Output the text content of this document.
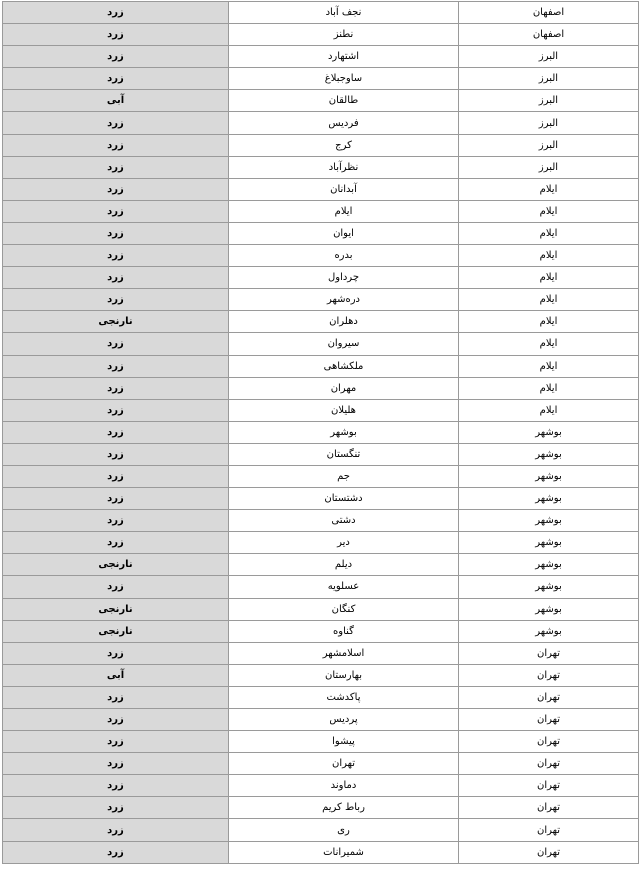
اصفهان	نجف آباد	زرد
اصفهان	نطنز	زرد
البرز	اشتهارد	زرد
البرز	ساوجبلاغ	زرد
البرز	طالقان	آبی
البرز	فردیس	زرد
البرز	کرج	زرد
البرز	نظرآباد	زرد
ایلام	آبدانان	زرد
ایلام	ایلام	زرد
ایلام	ایوان	زرد
ایلام	بدره	زرد
ایلام	چرداول	زرد
ایلام	دره‌شهر	زرد
ایلام	دهلران	نارنجی
ایلام	سیروان	زرد
ایلام	ملکشاهی	زرد
ایلام	مهران	زرد
ایلام	هلیلان	زرد
بوشهر	بوشهر	زرد
بوشهر	تنگستان	زرد
بوشهر	جم	زرد
بوشهر	دشتستان	زرد
بوشهر	دشتی	زرد
بوشهر	دیر	زرد
بوشهر	دیلم	نارنجی
بوشهر	عسلویه	زرد
بوشهر	کنگان	نارنجی
بوشهر	گناوه	نارنجی
تهران	اسلامشهر	زرد
تهران	بهارستان	آبی
تهران	پاکدشت	زرد
تهران	پردیس	زرد
تهران	پیشوا	زرد
تهران	تهران	زرد
تهران	دماوند	زرد
تهران	رباط کریم	زرد
تهران	ری	زرد
تهران	شمیرانات	زرد
